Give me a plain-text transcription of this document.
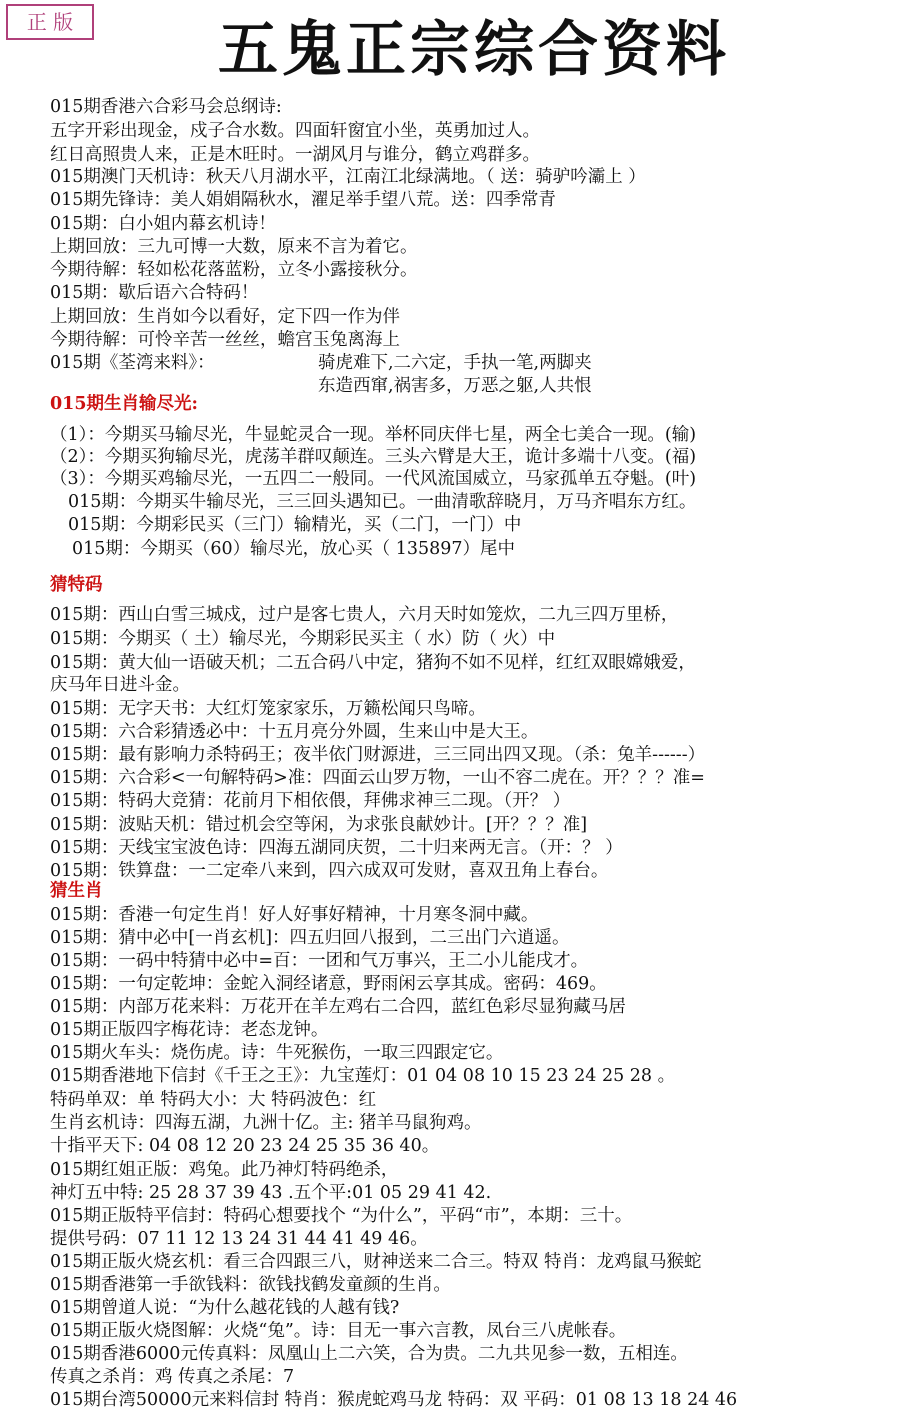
正 版	五鬼正宗综合资料
015期香港六合彩马会总纲诗:
五字开彩出现金，戍子合水数。四面轩窗宜小坐，英勇加过人。
红日高照贵人来，正是木旺时。一湖风月与谁分，鹤立鸡群多。
015期澳门天机诗：秋天八月湖水平，江南江北绿满地。（ 送：骑驴吟灞上 ）
015期先锋诗：美人娟娟隔秋水，濯足举手望八荒。送：四季常青
015期：白小姐内幕玄机诗！
上期回放：三九可博一大数，原来不言为着它。
今期待解：轻如松花落蓝粉，立冬小露接秋分。
015期：歇后语六合特码！
上期回放：生肖如今以看好，定下四一作为伴
今期待解：可怜辛苦一丝丝，蟾宫玉兔离海上
015期《荃湾来料》：	骑虎难下,二六定，手执一笔,两脚夹
东造西窜,祸害多，万恶之躯,人共恨
015期生肖输尽光:
（1）：今期买马输尽光，牛显蛇灵合一现。举杯同庆伴七星，两全七美合一现。(输)
（2）：今期买狗输尽光，虎荡羊群叹颠连。三头六臂是大王，诡计多端十八变。(福)
（3）：今期买鸡输尽光，一五四二一般同。一代风流国威立，马家孤单五夺魁。(叶)
015期：今期买牛输尽光，三三回头遇知已。一曲清歌辞晓月，万马齐唱东方红。
015期：今期彩民买（三门）输精光，买（二门，一门）中
015期：今期买（60）输尽光，放心买（ 135897）尾中
猜特码
015期：西山白雪三城戍，过户是客七贵人，六月天时如笼炊，二九三四万里桥，
015期：今期买（ 土）输尽光，今期彩民买主（ 水）防（ 火）中
015期：黄大仙一语破天机；二五合码八中定，猪狗不如不见样，红红双眼嫦娥爱，
庆马年日进斗金。
015期：无字天书：大红灯笼家家乐，万籁松闻只鸟啼。
015期：六合彩猜透必中：十五月亮分外圆，生来山中是大王。
015期：最有影响力杀特码王；夜半依门财源进，三三同出四又现。（杀：兔羊------）
015期：六合彩<一句解特码>准：四面云山罗万物，一山不容二虎在。开？？？准=
015期：特码大竞猜：花前月下相依偎，拜佛求神三二现。（开？ ）
015期：波贴天机：错过机会空等闲，为求张良献妙计。[开？？？准]
015期：天线宝宝波色诗：四海五湖同庆贺，二十归来两无言。（开：？ ）
015期：铁算盘：一二定牵八来到，四六成双可发财，喜双丑角上春台。
猜生肖
015期：香港一句定生肖！好人好事好精神，十月寒冬洞中藏。
015期：猜中必中[一肖玄机]：四五归回八报到，二三出门六逍遥。
015期：一码中特猜中必中=百：一团和气万事兴，王二小儿能戌才。
015期：一句定乾坤：金蛇入洞经诸意，野雨闲云享其成。密码：469。
015期：内部万花来料：万花开在羊左鸡右二合四，蓝红色彩尽显狗藏马居
015期正版四字梅花诗：老态龙钟。
015期火车头：烧伤虎。诗：牛死猴伤，一取三四跟定它。
015期香港地下信封《千王之王》：九宝莲灯：01 04 08 10 15 23 24 25 28 。
特码单双：单 特码大小：大 特码波色：红
生肖玄机诗：四海五湖，九洲十亿。主: 猪羊马鼠狗鸡。
十指平天下: 04 08 12 20 23 24 25 35 36 40。
015期红姐正版：鸡兔。此乃神灯特码绝杀，
神灯五中特: 25 28 37 39 43 .五个平:01 05 29 41 42.
015期正版特平信封：特码心想要找个 “为什么”，平码“市”，本期：三十。
提供号码：07 11 12 13 24 31 44 41 49 46。
015期正版火烧玄机：看三合四跟三八，财神送来二合三。特双 特肖：龙鸡鼠马猴蛇
015期香港第一手欲钱料：欲钱找鹤发童颜的生肖。
015期曾道人说：“为什么越花钱的人越有钱?
015期正版火烧图解：火烧“兔”。诗：目无一事六言教，凤台三八虎帐春。
015期香港6000元传真料：凤凰山上二六笑，合为贵。二九共见参一数，五相连。
传真之杀肖：鸡 传真之杀尾：7
015期台湾50000元来料信封 特肖：猴虎蛇鸡马龙 特码：双 平码：01 08 13 18 24 46
